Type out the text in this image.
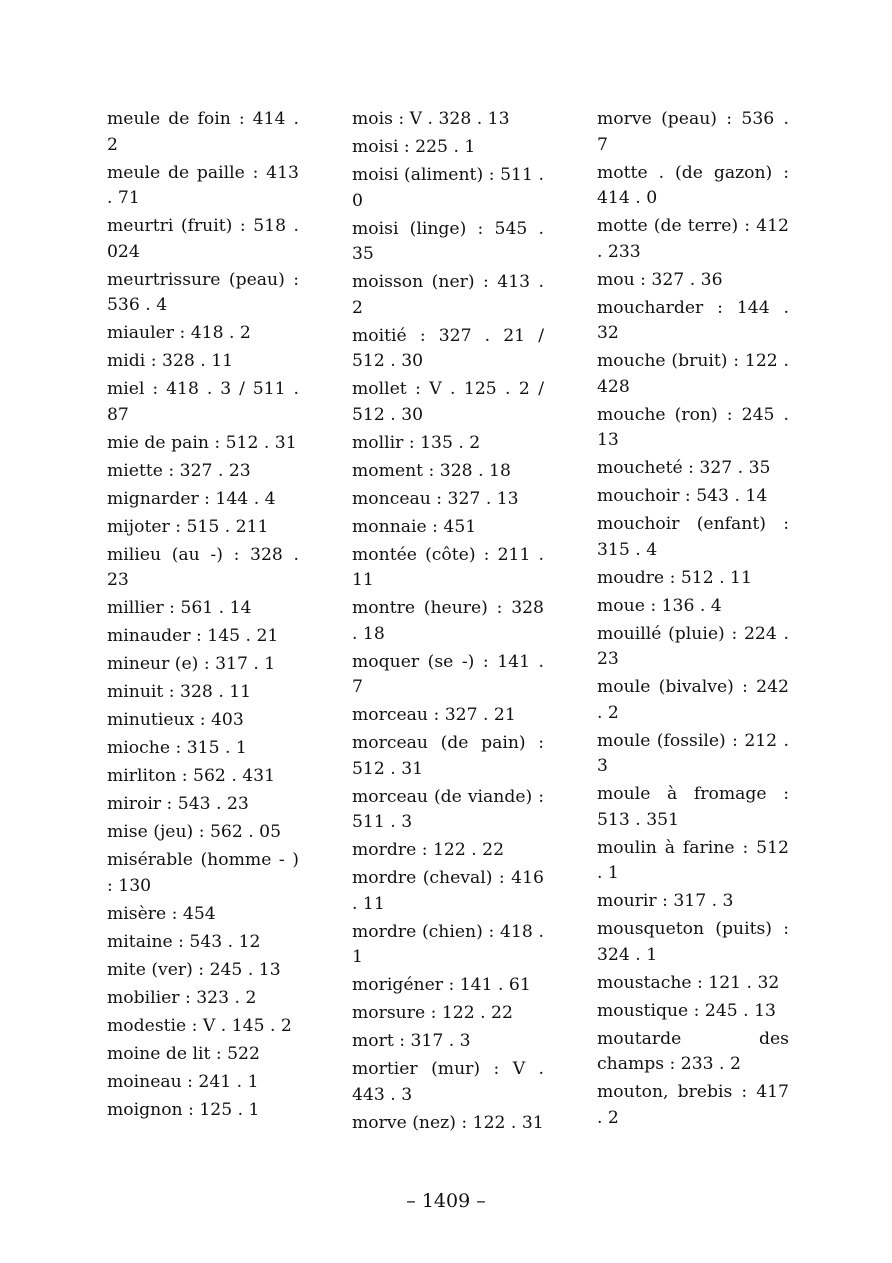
meule de foin : 414 . 2

meule de paille : 413 . 71

meurtri (fruit) : 518 . 024

meurtrissure (peau) : 536 . 4

miauler : 418 . 2

midi : 328 . 11

miel : 418 . 3 / 511 . 87

mie de pain : 512 . 31

miette : 327 . 23

mignarder : 144 . 4

mijoter : 515 . 211

milieu (au -) : 328 . 23

millier : 561 . 14

minauder : 145 . 21

mineur (e) : 317 . 1

minuit : 328 . 11

minutieux : 403

mioche : 315 . 1

mirliton : 562 . 431

miroir : 543 . 23

mise (jeu) : 562 . 05

misérable (homme - ) : 130

misère : 454

mitaine : 543 . 12

mite (ver) : 245 . 13

mobilier : 323 . 2

modestie : V . 145 . 2

moine de lit : 522

moineau : 241 . 1

moignon : 125 . 1

mois : V . 328 . 13

moisi : 225 . 1

moisi (aliment) : 511 . 0

moisi (linge) : 545 . 35

moisson (ner) : 413 . 2

moitié : 327 . 21 / 512 . 30

mollet : V . 125 . 2 / 512 . 30

mollir : 135 . 2

moment : 328 . 18

monceau : 327 . 13

monnaie : 451

montée (côte) : 211 . 11

montre (heure) : 328 . 18

moquer (se -) : 141 . 7

morceau : 327 . 21

morceau (de pain) : 512 . 31

morceau (de viande) : 511 . 3

mordre : 122 . 22

mordre (cheval) : 416 . 11

mordre (chien) : 418 . 1

morigéner : 141 . 61

morsure : 122 . 22

mort : 317 . 3

mortier (mur) : V . 443 . 3

morve (nez) : 122 . 31

morve (peau) : 536 . 7

motte . (de gazon) : 414 . 0

motte (de terre) : 412 . 233

mou : 327 . 36

moucharder : 144 . 32

mouche (bruit) : 122 . 428

mouche (ron) : 245 . 13

moucheté : 327 . 35

mouchoir : 543 . 14

mouchoir (enfant) : 315 . 4

moudre : 512 . 11

moue : 136 . 4

mouillé (pluie) : 224 . 23

moule (bivalve) : 242 . 2

moule (fossile) : 212 . 3

moule à fromage : 513 . 351

moulin à farine : 512 . 1

mourir : 317 . 3

mousqueton (puits) : 324 . 1

moustache : 121 . 32

moustique : 245 . 13

moutarde des champs : 233 . 2

mouton, brebis : 417 . 2

– 1409 –
